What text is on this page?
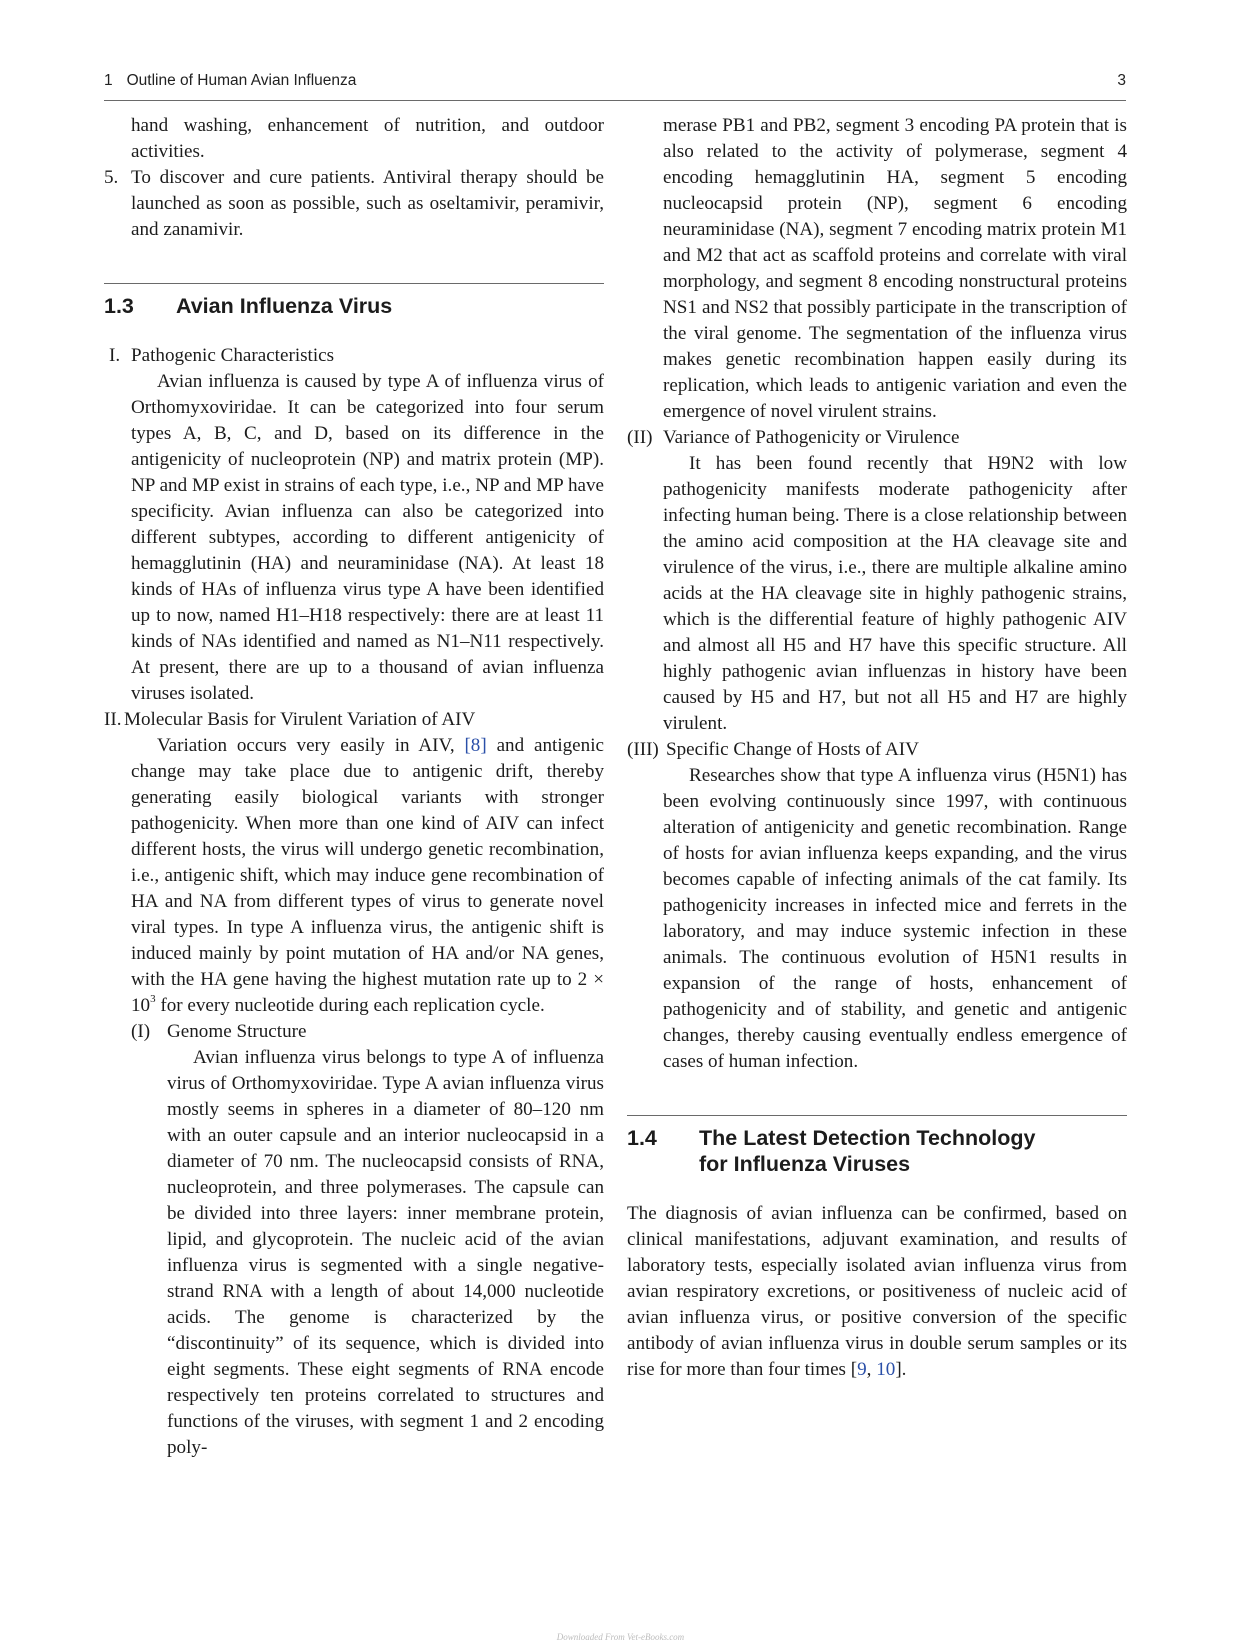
1 Outline of Human Avian Influenza	3

hand washing, enhancement of nutrition, and outdoor activities.

5. To discover and cure patients. Antiviral therapy should be launched as soon as possible, such as oseltamivir, peramivir, and zanamivir.
1.3 Avian Influenza Virus
I. Pathogenic Characteristics

Avian influenza is caused by type A of influenza virus of Orthomyxoviridae. It can be categorized into four serum types A, B, C, and D, based on its difference in the antigenicity of nucleoprotein (NP) and matrix protein (MP). NP and MP exist in strains of each type, i.e., NP and MP have specificity. Avian influenza can also be categorized into different subtypes, according to different antigenicity of hemagglutinin (HA) and neuraminidase (NA). At least 18 kinds of HAs of influenza virus type A have been identified up to now, named H1–H18 respectively: there are at least 11 kinds of NAs identified and named as N1–N11 respectively. At present, there are up to a thousand of avian influenza viruses isolated.

II. Molecular Basis for Virulent Variation of AIV

Variation occurs very easily in AIV, [8] and antigenic change may take place due to antigenic drift, thereby generating easily biological variants with stronger pathogenicity. When more than one kind of AIV can infect different hosts, the virus will undergo genetic recombination, i.e., antigenic shift, which may induce gene recombination of HA and NA from different types of virus to generate novel viral types. In type A influenza virus, the antigenic shift is induced mainly by point mutation of HA and/or NA genes, with the HA gene having the highest mutation rate up to $2 \times 10^3$ for every nucleotide during each replication cycle.

(I) Genome Structure

Avian influenza virus belongs to type A of influenza virus of Orthomyxoviridae. Type A avian influenza virus mostly seems in spheres in a diameter of 80–120 nm with an outer capsule and an interior nucleocapsid in a diameter of 70 nm. The nucleocapsid consists of RNA, nucleoprotein, and three polymerases. The capsule can be divided into three layers: inner membrane protein, lipid, and glycoprotein. The nucleic acid of the avian influenza virus is segmented with a single negative-strand RNA with a length of about 14,000 nucleotide acids. The genome is characterized by the “discontinuity” of its sequence, which is divided into eight segments. These eight segments of RNA encode respectively ten proteins correlated to structures and functions of the viruses, with segment 1 and 2 encoding poly-

merase PB1 and PB2, segment 3 encoding PA protein that is also related to the activity of polymerase, segment 4 encoding hemagglutinin HA, segment 5 encoding nucleocapsid protein (NP), segment 6 encoding neuraminidase (NA), segment 7 encoding matrix protein M1 and M2 that act as scaffold proteins and correlate with viral morphology, and segment 8 encoding nonstructural proteins NS1 and NS2 that possibly participate in the transcription of the viral genome. The segmentation of the influenza virus makes genetic recombination happen easily during its replication, which leads to antigenic variation and even the emergence of novel virulent strains.

(II) Variance of Pathogenicity or Virulence

It has been found recently that H9N2 with low pathogenicity manifests moderate pathogenicity after infecting human being. There is a close relationship between the amino acid composition at the HA cleavage site and virulence of the virus, i.e., there are multiple alkaline amino acids at the HA cleavage site in highly pathogenic strains, which is the differential feature of highly pathogenic AIV and almost all H5 and H7 have this specific structure. All highly pathogenic avian influenzas in history have been caused by H5 and H7, but not all H5 and H7 are highly virulent.

(III) Specific Change of Hosts of AIV

Researches show that type A influenza virus (H5N1) has been evolving continuously since 1997, with continuous alteration of antigenicity and genetic recombination. Range of hosts for avian influenza keeps expanding, and the virus becomes capable of infecting animals of the cat family. Its pathogenicity increases in infected mice and ferrets in the laboratory, and may induce systemic infection in these animals. The continuous evolution of H5N1 results in expansion of the range of hosts, enhancement of pathogenicity and of stability, and genetic and antigenic changes, thereby causing eventually endless emergence of cases of human infection.

1.4 The Latest Detection Technology
for Influenza Viruses

The diagnosis of avian influenza can be confirmed, based on clinical manifestations, adjuvant examination, and results of laboratory tests, especially isolated avian influenza virus from avian respiratory excretions, or positiveness of nucleic acid of avian influenza virus, or positive conversion of the specific antibody of avian influenza virus in double serum samples or its rise for more than four times [9, 10].

Downloaded From Vet-eBooks.com
